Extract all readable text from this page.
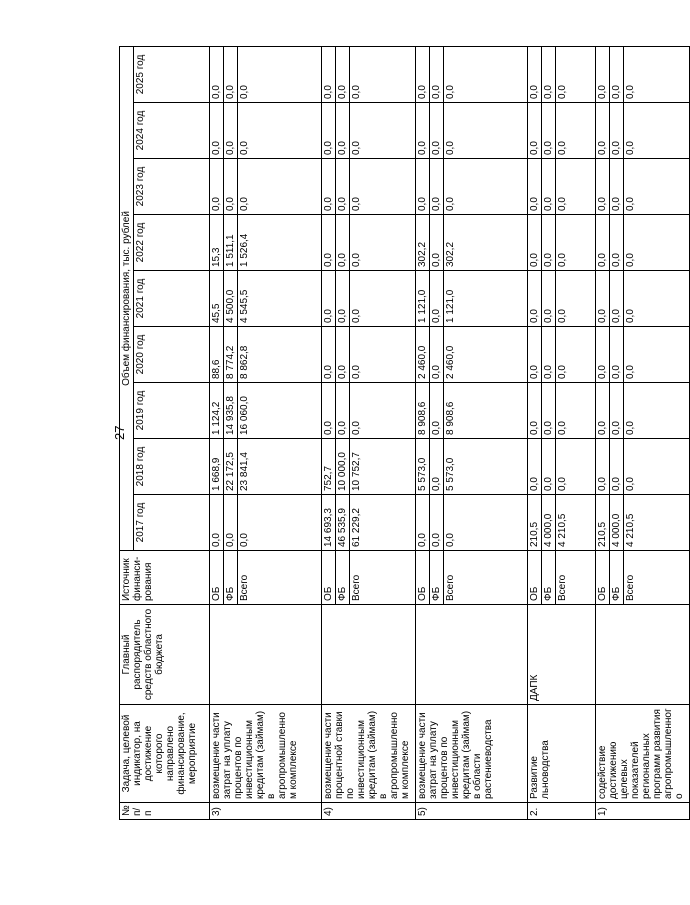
27
№ п/п	Задача, целевой индикатор, на достижение которого направлено финансирование, мероприятие	Главный распорядитель средств областного бюджета	Источник финанси- рования	Объем финансирования, тыс. рублей								
				2017 год	2018 год	2019 год	2020 год	2021 год	2022 год	2023 год	2024 год	2025 год
3)	возмещение части затрат на уплату процентов по инвестиционным кредитам (займам) в агропромышленном комплексе		ОБ	0,0	1 668,9	1 124,2	88,6	45,5	15,3	0,0	0,0	0,0
			ФБ	0,0	22 172,5	14 935,8	8 774,2	4 500,0	1 511,1	0,0	0,0	0,0
			Всего	0,0	23 841,4	16 060,0	8 862,8	4 545,5	1 526,4	0,0	0,0	0,0
4)	возмещение части процентной ставки по инвестиционным кредитам (займам) в агропромышленном комплексе		ОБ	14 693,3	752,7	0,0	0,0	0,0	0,0	0,0	0,0	0,0
			ФБ	46 535,9	10 000,0	0,0	0,0	0,0	0,0	0,0	0,0	0,0
			Всего	61 229,2	10 752,7	0,0	0,0	0,0	0,0	0,0	0,0	0,0
5)	возмещение части затрат на уплату процентов по инвестиционным кредитам (займам) в области растениеводства		ОБ	0,0	5 573,0	8 908,6	2 460,0	1 121,0	302,2	0,0	0,0	0,0
			ФБ	0,0	0,0	0,0	0,0	0,0	0,0	0,0	0,0	0,0
			Всего	0,0	5 573,0	8 908,6	2 460,0	1 121,0	302,2	0,0	0,0	0,0
2.	Развитие льноводства	ДАПК	ОБ	210,5	0,0	0,0	0,0	0,0	0,0	0,0	0,0	0,0
			ФБ	4 000,0	0,0	0,0	0,0	0,0	0,0	0,0	0,0	0,0
			Всего	4 210,5	0,0	0,0	0,0	0,0	0,0	0,0	0,0	0,0
1)	содействие достижению целевых показателей региональных программ развития агропромышленного		ОБ	210,5	0,0	0,0	0,0	0,0	0,0	0,0	0,0	0,0
			ФБ	4 000,0	0,0	0,0	0,0	0,0	0,0	0,0	0,0	0,0
			Всего	4 210,5	0,0	0,0	0,0	0,0	0,0	0,0	0,0	0,0
